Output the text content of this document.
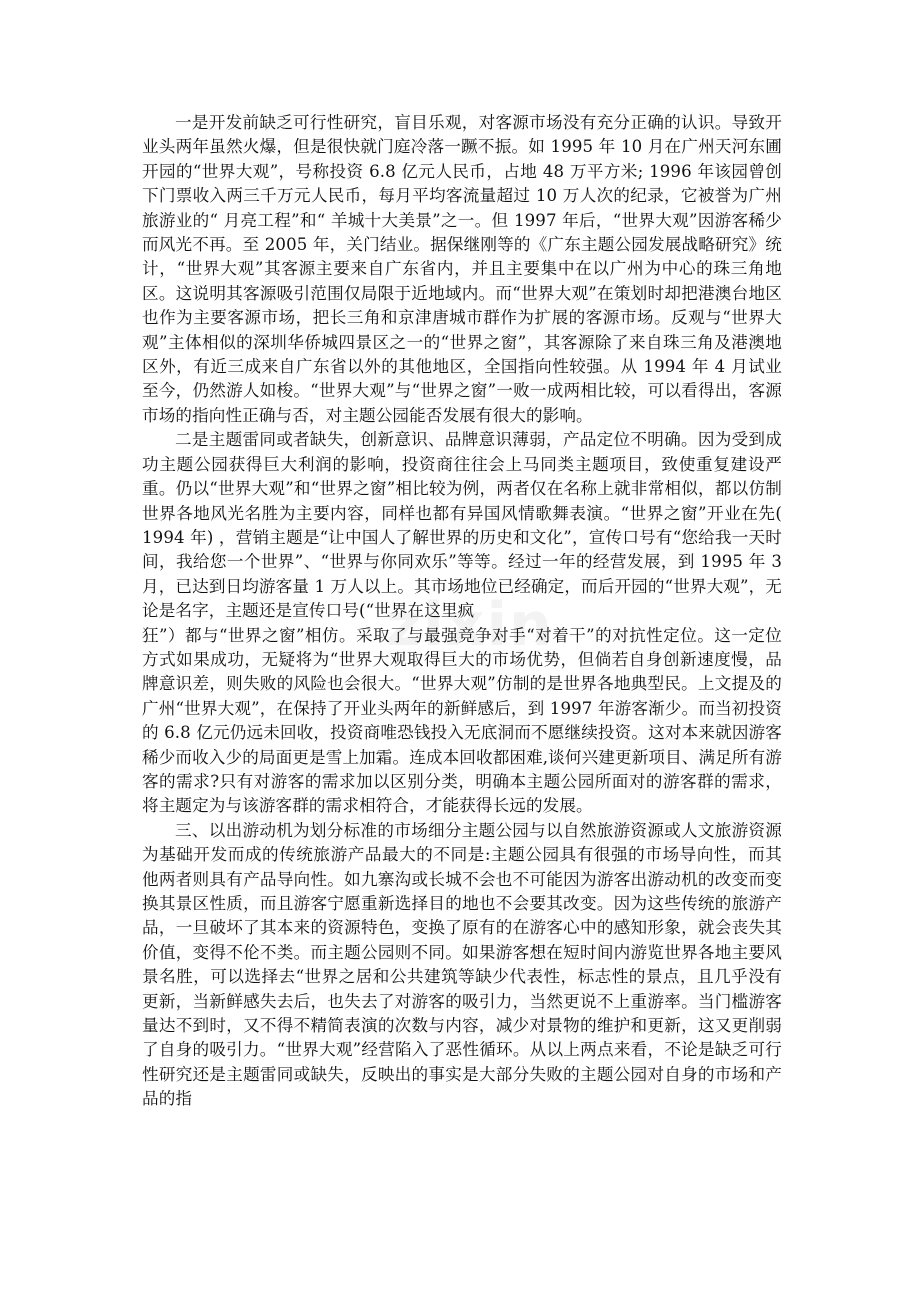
zixin

一是开发前缺乏可行性研究，盲目乐观，对客源市场没有充分正确的认识。导致开业头两年虽然火爆，但是很快就门庭冷落一蹶不振。如 1995 年 10 月在广州天河东圃开园的“世界大观”，号称投资 6.8 亿元人民币，占地 48 万平方米; 1996 年该园曾创下门票收入两三千万元人民币，每月平均客流量超过 10 万人次的纪录，它被誉为广州旅游业的“ 月亮工程”和“ 羊城十大美景”之一。但 1997 年后，“世界大观”因游客稀少而风光不再。至 2005 年，关门结业。据保继刚等的《广东主题公园发展战略研究》统计，“世界大观”其客源主要来自广东省内，并且主要集中在以广州为中心的珠三角地区。这说明其客源吸引范围仅局限于近地域内。而“世界大观”在策划时却把港澳台地区也作为主要客源市场，把长三角和京津唐城市群作为扩展的客源市场。反观与“世界大观”主体相似的深圳华侨城四景区之一的“世界之窗”，其客源除了来自珠三角及港澳地区外，有近三成来自广东省以外的其他地区，全国指向性较强。从 1994 年 4 月试业至今，仍然游人如梭。“世界大观”与“世界之窗”一败一成两相比较，可以看得出，客源市场的指向性正确与否，对主题公园能否发展有很大的影响。

二是主题雷同或者缺失，创新意识、品牌意识薄弱，产品定位不明确。因为受到成功主题公园获得巨大利润的影响，投资商往往会上马同类主题项目，致使重复建设严重。仍以“世界大观”和“世界之窗”相比较为例，两者仅在名称上就非常相似，都以仿制世界各地风光名胜为主要内容，同样也都有异国风情歌舞表演。“世界之窗”开业在先( 1994 年) ，营销主题是“让中国人了解世界的历史和文化”，宣传口号有“您给我一天时间，我给您一个世界”、“世界与你同欢乐”等等。经过一年的经营发展，到 1995 年 3 月，已达到日均游客量 1 万人以上。其市场地位已经确定，而后开园的“世界大观”，无论是名字，主题还是宣传口号(“世界在这里疯

狂”）都与“世界之窗”相仿。采取了与最强竞争对手“对着干”的对抗性定位。这一定位方式如果成功，无疑将为“世界大观取得巨大的市场优势，但倘若自身创新速度慢，品牌意识差，则失败的风险也会很大。“世界大观”仿制的是世界各地典型民。上文提及的广州“世界大观”，在保持了开业头两年的新鲜感后，到 1997 年游客渐少。而当初投资的 6.8 亿元仍远未回收，投资商唯恐钱投入无底洞而不愿继续投资。这对本来就因游客稀少而收入少的局面更是雪上加霜。连成本回收都困难,谈何兴建更新项目、满足所有游客的需求?只有对游客的需求加以区别分类，明确本主题公园所面对的游客群的需求，将主题定为与该游客群的需求相符合，才能获得长远的发展。

三、以出游动机为划分标准的市场细分主题公园与以自然旅游资源或人文旅游资源为基础开发而成的传统旅游产品最大的不同是:主题公园具有很强的市场导向性，而其他两者则具有产品导向性。如九寨沟或长城不会也不可能因为游客出游动机的改变而变换其景区性质，而且游客宁愿重新选择目的地也不会要其改变。因为这些传统的旅游产品，一旦破坏了其本来的资源特色，变换了原有的在游客心中的感知形象，就会丧失其价值，变得不伦不类。而主题公园则不同。如果游客想在短时间内游览世界各地主要风景名胜，可以选择去“世界之居和公共建筑等缺少代表性，标志性的景点，且几乎没有更新，当新鲜感失去后，也失去了对游客的吸引力，当然更说不上重游率。当门槛游客量达不到时，又不得不精简表演的次数与内容，减少对景物的维护和更新，这又更削弱了自身的吸引力。“世界大观”经营陷入了恶性循环。从以上两点来看，不论是缺乏可行性研究还是主题雷同或缺失，反映出的事实是大部分失败的主题公园对自身的市场和产品的指
